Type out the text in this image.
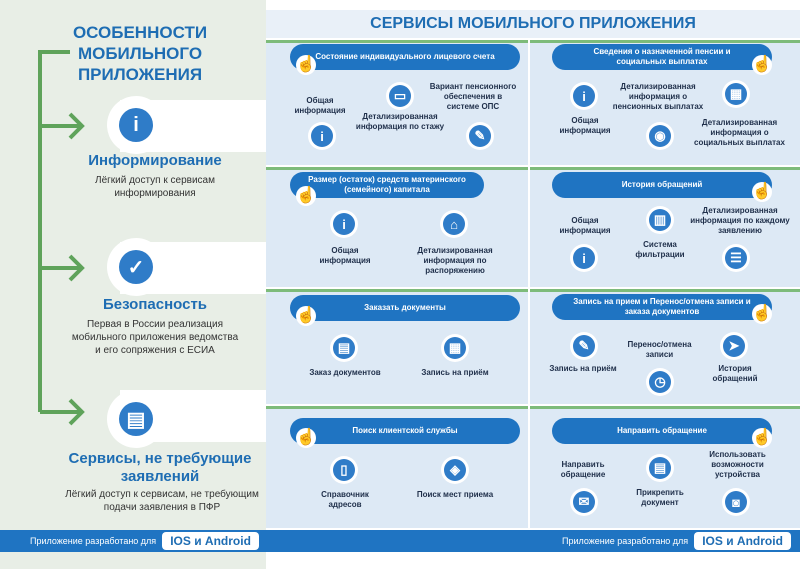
ОСОБЕННОСТИ
МОБИЛЬНОГО
ПРИЛОЖЕНИЯ
i
Информирование
Лёгкий доступ к сервисам информирования
✓
Безопасность
Первая в России реализация мобильного приложения ведомства и его сопряжения с ЕСИА
▤
Сервисы, не требующие заявлений
Лёгкий доступ к сервисам, не требующим подачи заявления в ПФР
Приложение разработано для	IOS и Android
СЕРВИСЫ МОБИЛЬНОГО ПРИЛОЖЕНИЯ
Состояние индивидуального лицевого счета
☝
Общая информация
i
▭
Детализированная информация по стажу
Вариант пенсионного обеспечения в системе ОПС
✎
Сведения о назначенной пенсии и социальных выплатах	☝
i
Общая информация
Детализированная информация о пенсионных выплатах
◉
▦
Детализированная информация о социальных выплатах
Размер (остаток) средств материнского (семейного) капитала
☝
i
Общая информация
⌂
Детализированная информация по распоряжению
История обращений	☝
Общая информация
i
▥
Система фильтрации
Детализированная информация по каждому заявлению
☰
Заказать документы
☝
▤
Заказ документов
▦
Запись на приём
Запись на прием и Перенос/отмена записи и заказа документов	☝
✎
Запись на приём
Перенос/отмена записи
◷
➤
История обращений
Поиск клиентской службы
☝
▯
Справочник адресов
◈
Поиск мест приема
Направить обращение	☝
Направить обращение
✉
▤
Прикрепить документ
Использовать возможности устройства
◙
Приложение разработано для	IOS и Android
